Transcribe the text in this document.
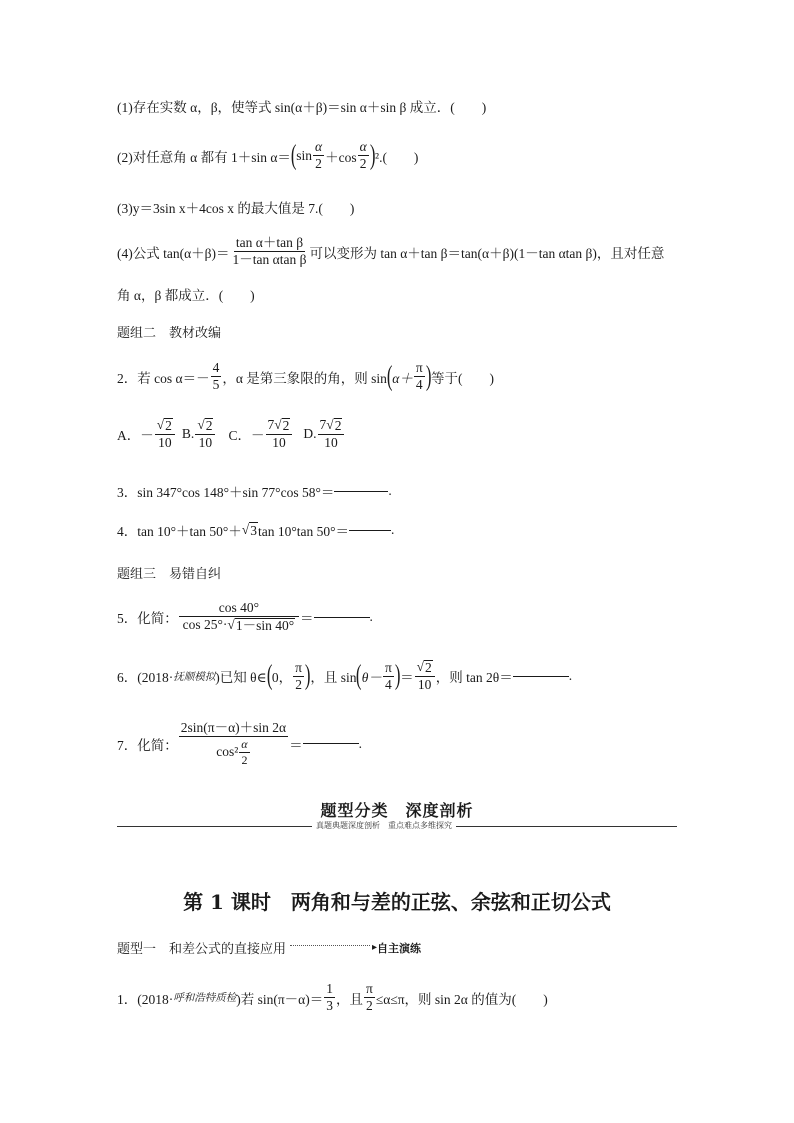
(1)存在实数 α，β，使等式 sin(α＋β)＝sin α＋sin β 成立．(　　)
(2)对任意角 α 都有 1＋sin α＝ ( $\sin \frac{\alpha}{2} +\cos \frac{\alpha}{2}$ ) ².(　　)
(3)y＝3sin x＋4cos x 的最大值是 7.(　　)
(4)公式 $\tan(\alpha+\beta)= \frac{\text{tan α＋tan β}}{\text{1－tan αtan β}}$ 可以变形为 tan α＋tan β＝tan(α＋β)(1－tan αtan β)，且对任意
角 α，β 都成立．(　　)
题组二　教材改编
2．若 $\cos \alpha=- \frac{4}{5}$ ，α 是第三象限的角，则 sin ( $\alpha+ \frac{\pi}{4}$ ) 等于(　　)
A．－ $\frac{√ 2}{10} B$. $\frac{√ 2}{10}$ C．－ $\frac{7√ 2}{10} D$. $\frac{7√ 2}{10}$
3．sin 347°cos 148°＋sin 77°cos 58°＝	.
4．tan 10°＋tan 50°＋ √ 3 tan 10°tan 50°＝	.
题组三　易错自纠
5．化简： $\frac{\cos 40^\circ}{\cos 25^\circ\cdot√ 1-\sin 40^\circ}$ ＝	.
6．(2018· 抚顺模拟 )已知 θ∈ ( 0， $\frac{\pi}{2}$ ) ，且 sin ( $\theta- \frac{\pi}{4}$ ) ＝ $\frac{√ 2}{10}$ ，则 tan 2θ＝	.
7．化简： $\frac{2\sin(\pi-\alpha)+\sin 2\alpha}{\cos^2 \frac{\alpha}{2}}$ ＝	.
题型分类　深度剖析
真题典题深度剖析　重点难点多维探究
第 1 课时　两角和与差的正弦、余弦和正切公式
题型一　和差公式的直接应用	▸ 自主演练
1．(2018· 呼和浩特质检 )若 $\sin(\pi-\alpha)= \frac{1}{3}$ ，且 $\frac{\pi}{2} \le\alpha\le\pi$，则 sin 2α 的值为(　　)
